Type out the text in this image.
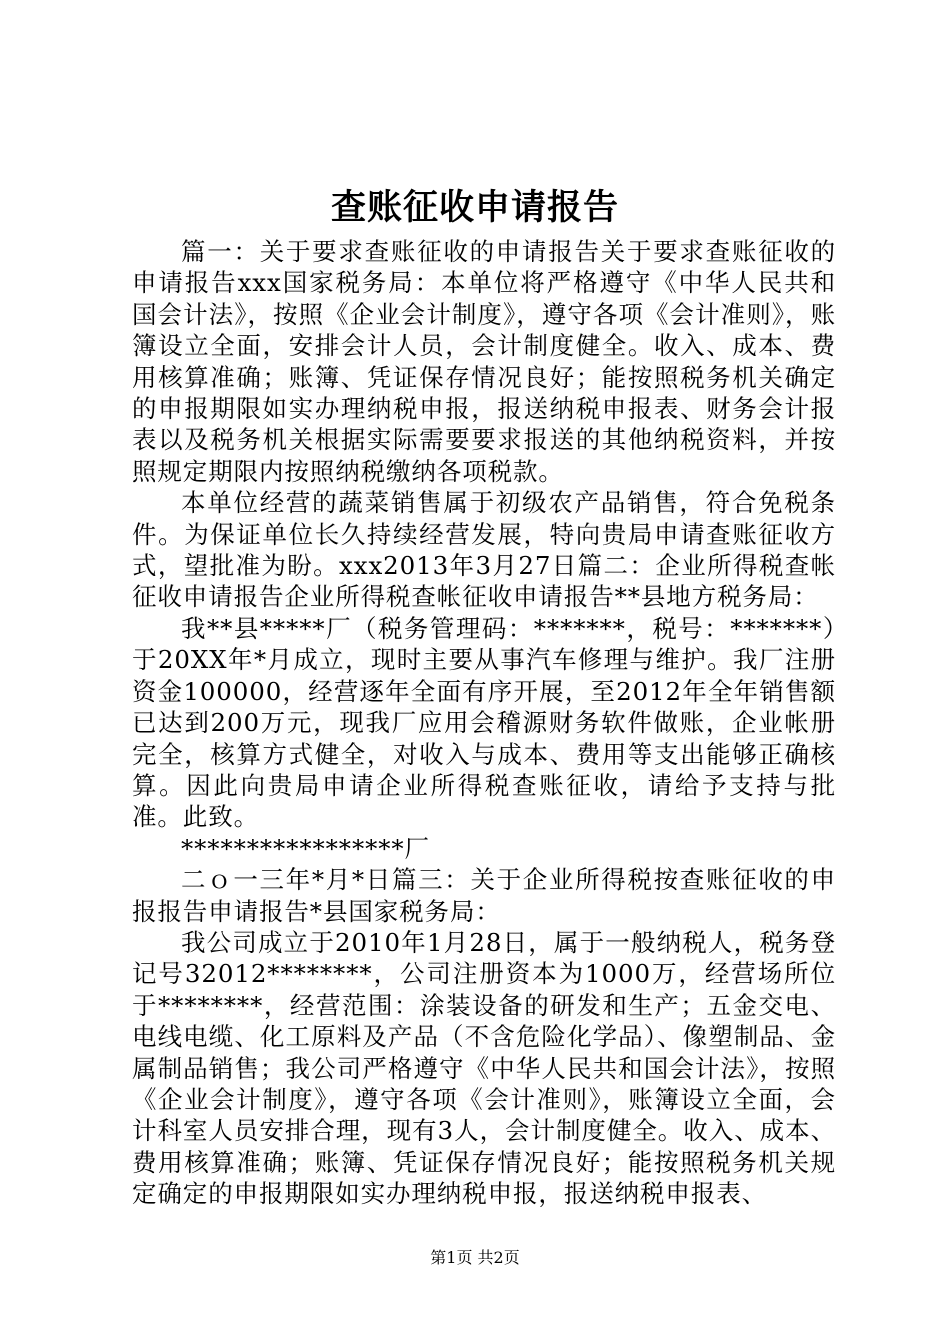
查账征收申请报告

篇一：关于要求查账征收的申请报告关于要求查账征收的申请报告xxx国家税务局：本单位将严格遵守《中华人民共和国会计法》，按照《企业会计制度》，遵守各项《会计准则》，账簿设立全面，安排会计人员，会计制度健全。收入、成本、费用核算准确；账簿、凭证保存情况良好；能按照税务机关确定的申报期限如实办理纳税申报，报送纳税申报表、财务会计报表以及税务机关根据实际需要要求报送的其他纳税资料，并按照规定期限内按照纳税缴纳各项税款。

本单位经营的蔬菜销售属于初级农产品销售，符合免税条件。为保证单位长久持续经营发展，特向贵局申请查账征收方式，望批准为盼。xxx2013年3月27日篇二：企业所得税查帐征收申请报告企业所得税查帐征收申请报告**县地方税务局：

我**县*****厂（税务管理码：*******，税号：*******）于20XX年*月成立，现时主要从事汽车修理与维护。我厂注册资金100000，经营逐年全面有序开展，至2012年全年销售额已达到200万元，现我厂应用会稽源财务软件做账，企业帐册完全，核算方式健全，对收入与成本、费用等支出能够正确核算。因此向贵局申请企业所得税查账征收，请给予支持与批准。此致。

*****************厂

二ｏ一三年*月*日篇三：关于企业所得税按查账征收的申报报告申请报告*县国家税务局：

我公司成立于2010年1月28日，属于一般纳税人，税务登记号32012********，公司注册资本为1000万，经营场所位于********，经营范围：涂装设备的研发和生产；五金交电、电线电缆、化工原料及产品（不含危险化学品）、像塑制品、金属制品销售；我公司严格遵守《中华人民共和国会计法》，按照《企业会计制度》，遵守各项《会计准则》，账簿设立全面，会计科室人员安排合理，现有3人，会计制度健全。收入、成本、费用核算准确；账簿、凭证保存情况良好；能按照税务机关规定确定的申报期限如实办理纳税申报，报送纳税申报表、

第1页 共2页
